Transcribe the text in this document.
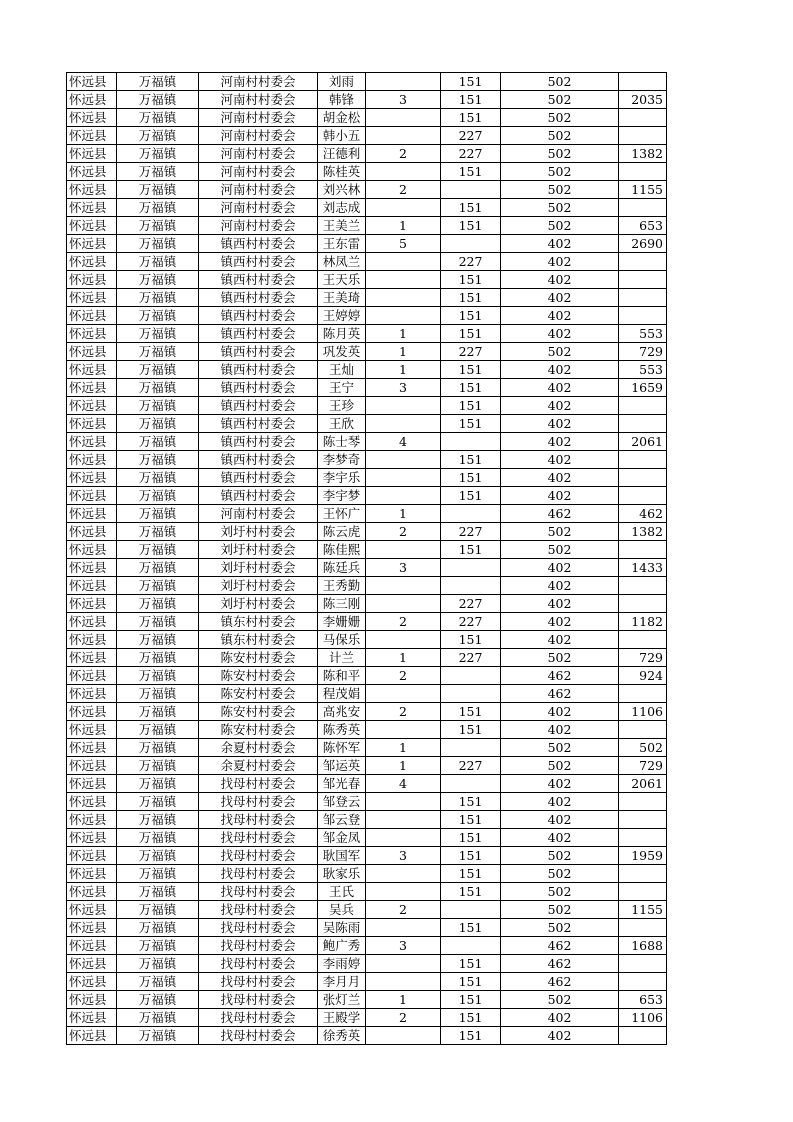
怀远县	万福镇	河南村村委会	刘雨		151	502	
怀远县	万福镇	河南村村委会	韩锋	3	151	502	2035
怀远县	万福镇	河南村村委会	胡金松		151	502	
怀远县	万福镇	河南村村委会	韩小五		227	502	
怀远县	万福镇	河南村村委会	汪德利	2	227	502	1382
怀远县	万福镇	河南村村委会	陈桂英		151	502	
怀远县	万福镇	河南村村委会	刘兴林	2		502	1155
怀远县	万福镇	河南村村委会	刘志成		151	502	
怀远县	万福镇	河南村村委会	王美兰	1	151	502	653
怀远县	万福镇	镇西村村委会	王东雷	5		402	2690
怀远县	万福镇	镇西村村委会	林凤兰		227	402	
怀远县	万福镇	镇西村村委会	王天乐		151	402	
怀远县	万福镇	镇西村村委会	王美琦		151	402	
怀远县	万福镇	镇西村村委会	王婷婷		151	402	
怀远县	万福镇	镇西村村委会	陈月英	1	151	402	553
怀远县	万福镇	镇西村村委会	巩发英	1	227	502	729
怀远县	万福镇	镇西村村委会	王灿	1	151	402	553
怀远县	万福镇	镇西村村委会	王宁	3	151	402	1659
怀远县	万福镇	镇西村村委会	王珍		151	402	
怀远县	万福镇	镇西村村委会	王欣		151	402	
怀远县	万福镇	镇西村村委会	陈士琴	4		402	2061
怀远县	万福镇	镇西村村委会	李梦奇		151	402	
怀远县	万福镇	镇西村村委会	李宇乐		151	402	
怀远县	万福镇	镇西村村委会	李宇梦		151	402	
怀远县	万福镇	河南村村委会	王怀广	1		462	462
怀远县	万福镇	刘圩村村委会	陈云虎	2	227	502	1382
怀远县	万福镇	刘圩村村委会	陈佳熙		151	502	
怀远县	万福镇	刘圩村村委会	陈廷兵	3		402	1433
怀远县	万福镇	刘圩村村委会	王秀勤			402	
怀远县	万福镇	刘圩村村委会	陈三刚		227	402	
怀远县	万福镇	镇东村村委会	李姗姗	2	227	402	1182
怀远县	万福镇	镇东村村委会	马保乐		151	402	
怀远县	万福镇	陈安村村委会	计兰	1	227	502	729
怀远县	万福镇	陈安村村委会	陈和平	2		462	924
怀远县	万福镇	陈安村村委会	程茂娟			462	
怀远县	万福镇	陈安村村委会	高兆安	2	151	402	1106
怀远县	万福镇	陈安村村委会	陈秀英		151	402	
怀远县	万福镇	余夏村村委会	陈怀军	1		502	502
怀远县	万福镇	余夏村村委会	邹运英	1	227	502	729
怀远县	万福镇	找母村村委会	邹光春	4		402	2061
怀远县	万福镇	找母村村委会	邹登云		151	402	
怀远县	万福镇	找母村村委会	邹云登		151	402	
怀远县	万福镇	找母村村委会	邹金凤		151	402	
怀远县	万福镇	找母村村委会	耿国军	3	151	502	1959
怀远县	万福镇	找母村村委会	耿家乐		151	502	
怀远县	万福镇	找母村村委会	王氏		151	502	
怀远县	万福镇	找母村村委会	吴兵	2		502	1155
怀远县	万福镇	找母村村委会	吴陈雨		151	502	
怀远县	万福镇	找母村村委会	鲍广秀	3		462	1688
怀远县	万福镇	找母村村委会	李雨婷		151	462	
怀远县	万福镇	找母村村委会	李月月		151	462	
怀远县	万福镇	找母村村委会	张灯兰	1	151	502	653
怀远县	万福镇	找母村村委会	王殿学	2	151	402	1106
怀远县	万福镇	找母村村委会	徐秀英		151	402	
